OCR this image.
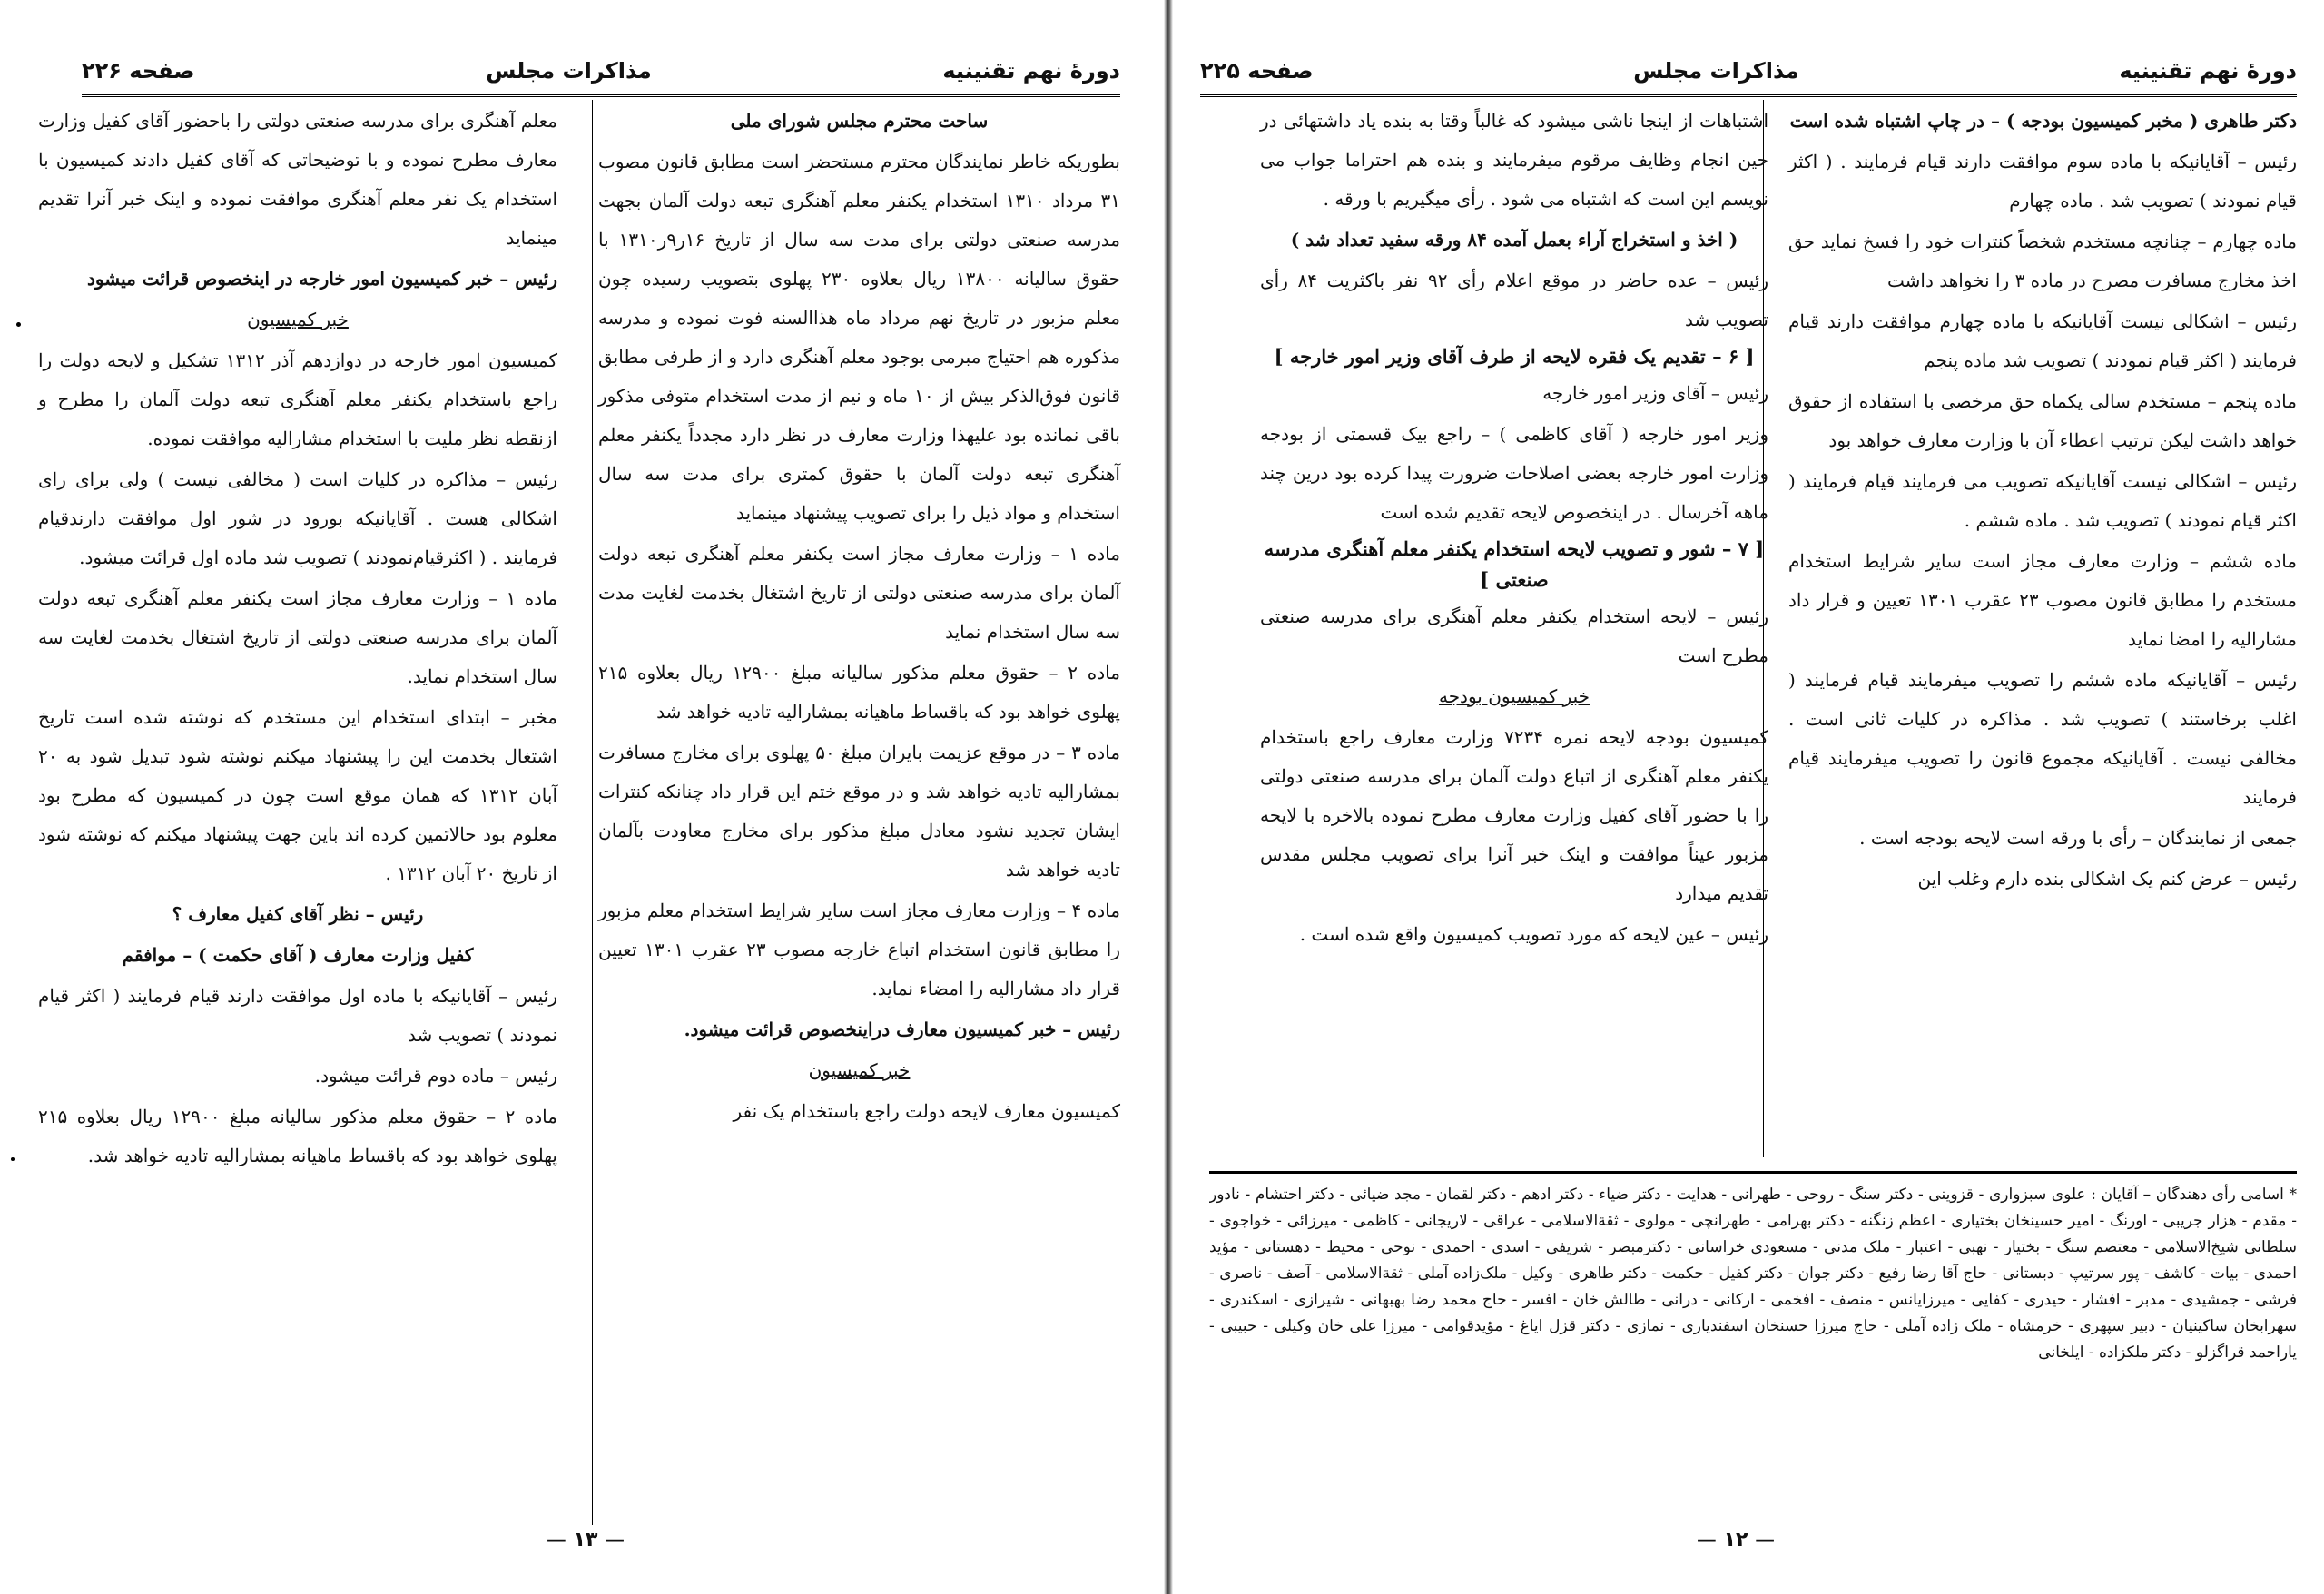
دورهٔ نهم تقنینیه
مذاکرات مجلس
صفحه ۲۲۶

ساحت محترم مجلس شورای ملی

بطوریکه خاطر نمایندگان محترم مستحضر است مطابق قانون مصوب ۳۱ مرداد ۱۳۱۰ استخدام یکنفر معلم آهنگری تبعه دولت آلمان بجهت مدرسه صنعتی دولتی برای مدت سه سال از تاریخ ۱۶ر۹ر۱۳۱۰ با حقوق سالیانه ۱۳۸۰۰ ریال بعلاوه ۲۳۰ پهلوی بتصویب رسیده چون معلم مزبور در تاریخ نهم مرداد ماه هذاالسنه فوت نموده و مدرسه مذکوره هم احتیاج مبرمی بوجود معلم آهنگری دارد و از طرفی مطابق قانون فوق‌الذکر بیش از ۱۰ ماه و نیم از مدت استخدام متوفی مذکور باقی نمانده بود علیهذا وزارت معارف در نظر دارد مجدداً یکنفر معلم آهنگری تبعه دولت آلمان با حقوق کمتری برای مدت سه سال استخدام و مواد ذیل را برای تصویب پیشنهاد مینماید

ماده ۱ – وزارت معارف مجاز است یکنفر معلم آهنگری تبعه دولت آلمان برای مدرسه صنعتی دولتی از تاریخ اشتغال بخدمت لغایت مدت سه سال استخدام نماید

ماده ۲ – حقوق معلم مذکور سالیانه مبلغ ۱۲۹۰۰ ریال بعلاوه ۲۱۵ پهلوی خواهد بود که باقساط ماهیانه بمشارالیه تادیه خواهد شد

ماده ۳ – در موقع عزیمت بایران مبلغ ۵۰ پهلوی برای مخارج مسافرت بمشارالیه تادیه خواهد شد و در موقع ختم این قرار داد چنانکه کنترات ایشان تجدید نشود معادل مبلغ مذکور برای مخارج معاودت بآلمان تادیه خواهد شد

ماده ۴ – وزارت معارف مجاز است سایر شرایط استخدام معلم مزبور را مطابق قانون استخدام اتباع خارجه مصوب ۲۳ عقرب ۱۳۰۱ تعیین قرار داد مشارالیه را امضاء نماید.

رئیس – خبر کمیسیون معارف دراینخصوص قرائت میشود.

خبر کمیسیون

کمیسیون معارف لایحه دولت راجع باستخدام یک نفر

معلم آهنگری برای مدرسه صنعتی دولتی را باحضور آقای کفیل وزارت معارف مطرح نموده و با توضیحاتی که آقای کفیل دادند کمیسیون با استخدام یک نفر معلم آهنگری موافقت نموده و اینک خبر آنرا تقدیم مینماید

رئیس – خبر کمیسیون امور خارجه در اینخصوص قرائت میشود

خبر کمیسیون

کمیسیون امور خارجه در دوازدهم آذر ۱۳۱۲ تشکیل و لایحه دولت را راجع باستخدام یکنفر معلم آهنگری تبعه دولت آلمان را مطرح و ازنقطه نظر ملیت با استخدام مشارالیه موافقت نموده.

رئیس – مذاکره در کلیات است ( مخالفی نیست ) ولی برای رای اشکالی هست . آقایانیکه بورود در شور اول موافقت دارندقیام فرمایند . ( اکثرقیام‌نمودند ) تصویب شد ماده اول قرائت میشود.

ماده ۱ – وزارت معارف مجاز است یکنفر معلم آهنگری تبعه دولت آلمان برای مدرسه صنعتی دولتی از تاریخ اشتغال بخدمت لغایت سه سال استخدام نماید.

مخبر – ابتدای استخدام این مستخدم که نوشته شده است تاریخ اشتغال بخدمت این را پیشنهاد میکنم نوشته شود تبدیل شود به ۲۰ آبان ۱۳۱۲ که همان موقع است چون در کمیسیون که مطرح بود معلوم بود حالاتمین کرده اند باین جهت پیشنهاد میکنم که نوشته شود از تاریخ ۲۰ آبان ۱۳۱۲ .

رئیس – نظر آقای کفیل معارف ؟

کفیل وزارت معارف ( آقای حکمت ) – موافقم

رئیس – آقایانیکه با ماده اول موافقت دارند قیام فرمایند ( اکثر قیام نمودند ) تصویب شد

رئیس – ماده دوم قرائت میشود.

ماده ۲ – حقوق معلم مذکور سالیانه مبلغ ۱۲۹۰۰ ریال بعلاوه ۲۱۵ پهلوی خواهد بود که باقساط ماهیانه بمشارالیه تادیه خواهد شد.

— ۱۳ —
دورهٔ نهم تقنینیه
مذاکرات مجلس
صفحه ۲۲۵

دکتر طاهری ( مخبر کمیسیون بودجه ) – در چاپ اشتباه شده است

رئیس – آقایانیکه با ماده سوم موافقت دارند قیام فرمایند . ( اکثر قیام نمودند ) تصویب شد . ماده چهارم

ماده چهارم – چنانچه مستخدم شخصاً کنترات خود را فسخ نماید حق اخذ مخارج مسافرت مصرح در ماده ۳ را نخواهد داشت

رئیس – اشکالی نیست آقایانیکه با ماده چهارم موافقت دارند قیام فرمایند ( اکثر قیام نمودند ) تصویب شد ماده پنجم

ماده پنجم – مستخدم سالی یکماه حق مرخصی با استفاده از حقوق خواهد داشت لیکن ترتیب اعطاء آن با وزارت معارف خواهد بود

رئیس – اشکالی نیست آقایانیکه تصویب می فرمایند قیام فرمایند ( اکثر قیام نمودند ) تصویب شد . ماده ششم .

ماده ششم – وزارت معارف مجاز است سایر شرایط استخدام مستخدم را مطابق قانون مصوب ۲۳ عقرب ۱۳۰۱ تعیین و قرار داد مشارالیه را امضا نماید

رئیس – آقایانیکه ماده ششم را تصویب میفرمایند قیام فرمایند ( اغلب برخاستند ) تصویب شد . مذاکره در کلیات ثانی است . مخالفی نیست . آقایانیکه مجموع قانون را تصویب میفرمایند قیام فرمایند

جمعی از نمایندگان – رأی با ورقه است لایحه بودجه است .

رئیس – عرض کنم یک اشکالی بنده دارم وغلب این

اشتباهات از اینجا ناشی میشود که غالباً وقتا به بنده یاد داشتهائی در حین انجام وظایف مرقوم میفرمایند و بنده هم احتراما جواب می نویسم این است که اشتباه می شود . رأی میگیریم با ورقه .

( اخذ و استخراج آراء بعمل آمده ۸۴ ورقه سفید تعداد شد )

رئیس – عده حاضر در موقع اعلام رأی ۹۲ نفر باکثریت ۸۴ رأی تصویب شد

[ ۶ – تقدیم یک فقره لایحه از طرف آقای وزیر امور خارجه ]

رئیس – آقای وزیر امور خارجه

وزیر امور خارجه ( آقای کاظمی ) – راجع بیک قسمتی از بودجه وزارت امور خارجه بعضی اصلاحات ضرورت پیدا کرده بود درین چند ماهه آخرسال . در اینخصوص لایحه تقدیم شده است

[ ۷ – شور و تصویب لایحه استخدام یکنفر معلم آهنگری مدرسه صنعتی ]

رئیس – لایحه استخدام یکنفر معلم آهنگری برای مدرسه صنعتی مطرح است

خبر کمیسیون بودجه

کمیسیون بودجه لایحه نمره ۷۲۳۴ وزارت معارف راجع باستخدام یکنفر معلم آهنگری از اتباع دولت آلمان برای مدرسه صنعتی دولتی را با حضور آقای کفیل وزارت معارف مطرح نموده بالاخره با لایحه مزبور عیناً موافقت و اینک خبر آنرا برای تصویب مجلس مقدس تقدیم میدارد

رئیس – عین لایحه که مورد تصویب کمیسیون واقع شده است .

* اسامی رأی دهندگان – آقایان : علوی سبزواری - قزوینی - دکتر سنگ - روحی - طهرانی - هدایت - دکتر ضیاء - دکتر ادهم - دکتر لقمان - مجد ضیائی - دکتر احتشام - نادور - مقدم - هزار جریبی - اورنگ - امیر حسینخان بختیاری - اعظم زنگنه - دکتر بهرامی - طهرانچی - مولوی - ثقةالاسلامی - عراقی - لاریجانی - کاظمی - میرزائی - خواجوی - سلطانی شیخ‌الاسلامی - معتصم سنگ - بختیار - نهبی - اعتبار - ملک مدنی - مسعودی خراسانی - دکترمبصر - شریفی - اسدی - احمدی - نوحی - محیط - دهستانی - مؤید احمدی - بیات - کاشف - پور سرتیپ - دبستانی - حاج آقا رضا رفیع - دکتر جوان - دکتر کفیل - حکمت - دکتر طاهری - وکیل - ملک‌زاده آملی - ثقةالاسلامی - آصف - ناصری - فرشی - جمشیدی - مدبر - افشار - حیدری - کفایی - میرزایانس - منصف - افخمی - ارکانی - درانی - طالش خان - افسر - حاج محمد رضا بهبهانی - شیرازی - اسکندری - سهرابخان ساکینیان - دبیر سپهری - خرمشاه - ملک زاده آملی - حاج میرزا حسنخان اسفندیاری - نمازی - دکتر قزل ایاغ - مؤیدقوامی - میرزا علی خان وکیلی - حبیبی - یاراحمد قراگزلو - دکتر ملکزاده - ایلخانی
— ۱۲ —
